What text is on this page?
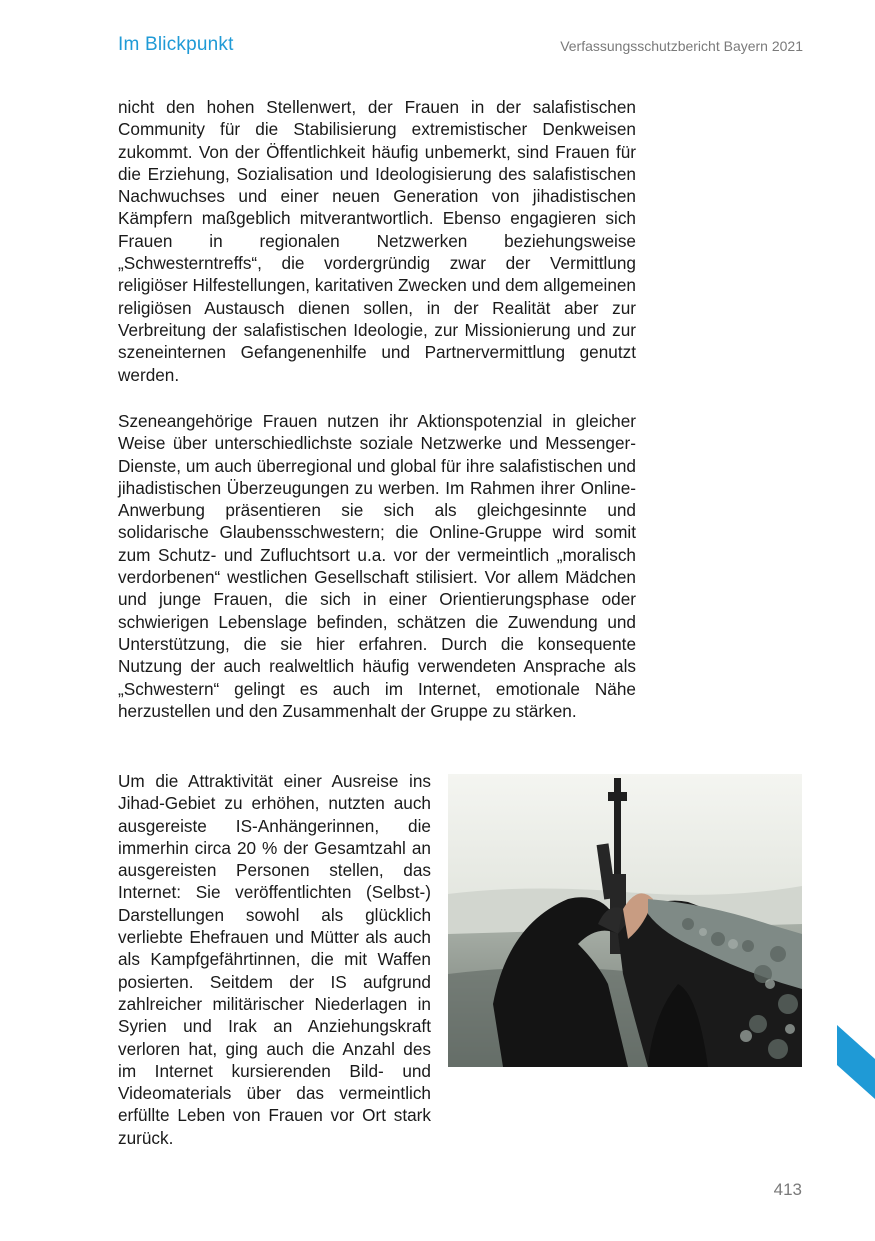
Im Blickpunkt	Verfassungsschutzbericht Bayern 2021

nicht den hohen Stellenwert, der Frauen in der salafistischen Community für die Stabilisierung extremistischer Denkweisen zukommt. Von der Öffentlichkeit häufig unbemerkt, sind Frauen für die Erziehung, Sozialisation und Ideologisierung des salafistischen Nachwuchses und einer neuen Generation von jihadistischen Kämpfern maßgeblich mitverantwortlich. Ebenso engagieren sich Frauen in regionalen Netzwerken beziehungsweise „Schwesterntreffs“, die vordergründig zwar der Vermittlung religiöser Hilfestellungen, karitativen Zwecken und dem allgemeinen religiösen Austausch dienen sollen, in der Realität aber zur Verbreitung der salafistischen Ideologie, zur Missionierung und zur szeneinternen Gefangenenhilfe und Partnervermittlung genutzt werden.

Szeneangehörige Frauen nutzen ihr Aktionspotenzial in gleicher Weise über unterschiedlichste soziale Netzwerke und Messenger-Dienste, um auch überregional und global für ihre salafistischen und jihadistischen Überzeugungen zu werben. Im Rahmen ihrer Online-Anwerbung präsentieren sie sich als gleichgesinnte und solidarische Glaubensschwestern; die Online-Gruppe wird somit zum Schutz- und Zufluchtsort u.a. vor der vermeintlich „moralisch verdorbenen“ westlichen Gesellschaft stilisiert. Vor allem Mädchen und junge Frauen, die sich in einer Orientierungsphase oder schwierigen Lebenslage befinden, schätzen die Zuwendung und Unterstützung, die sie hier erfahren. Durch die konsequente Nutzung der auch realweltlich häufig verwendeten Ansprache als „Schwestern“ gelingt es auch im Internet, emotionale Nähe herzustellen und den Zusammenhalt der Gruppe zu stärken.

Um die Attraktivität einer Ausreise ins Jihad-Gebiet zu erhöhen, nutzten auch ausgereiste IS-Anhängerinnen, die immerhin circa 20 % der Gesamtzahl an ausgereisten Personen stellen, das Internet: Sie veröffentlichten (Selbst-) Darstellungen sowohl als glücklich verliebte Ehefrauen und Mütter als auch als Kampfgefährtinnen, die mit Waffen posierten. Seitdem der IS aufgrund zahlreicher militärischer Niederlagen in Syrien und Irak an Anziehungskraft verloren hat, ging auch die Anzahl des im Internet kursierenden Bild- und Videomaterials über das vermeintlich erfüllte Leben von Frauen vor Ort stark zurück.

413
